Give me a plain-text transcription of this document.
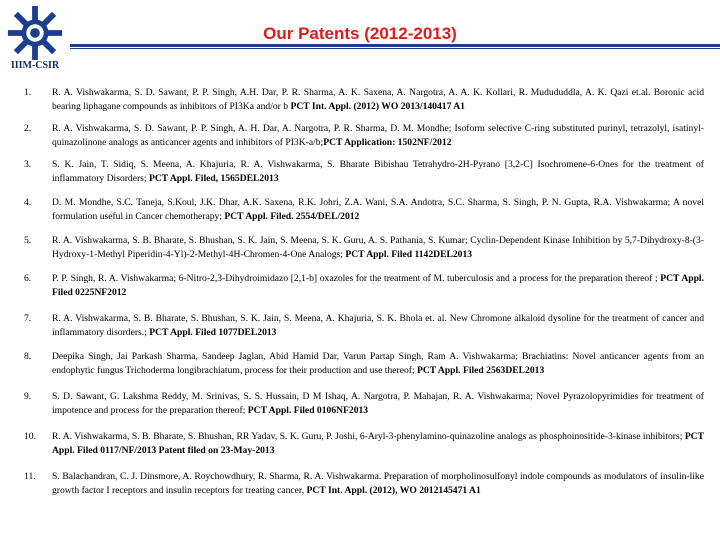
IIIM-CSIR
Our Patents (2012-2013)
1.	R. A. Vishwakarma, S. D. Sawant, P. P. Singh, A.H. Dar, P. R. Sharma, A. K. Saxena, A. Nargotra, A. A. K. Kollari, R. Mudududdla, A. K. Qazi et.al. Boronic acid bearing liphagane compounds as inhibitors of PI3Ka and/or b PCT Int. Appl. (2012) WO 2013/140417 A1
2.	R. A. Vishwakarma, S. D. Sawant, P. P. Singh, A. H. Dar, A. Nargotra, P. R. Sharma, D. M. Mondhe; Isoform selective C-ring substituted purinyl, tetrazolyl, isatinyl-quinazolinone analogs as anticancer agents and inhibitors of PI3K-a/b;PCT Application: 1502NF/2012
3.	S. K. Jain, T. Sidiq, S. Meena, A. Khajuria, R. A. Vishwakarma, S. Bharate Bibishau Tetrahydro-2H-Pyrano [3,2-C] Isochromene-6-Ones for the treatment of inflammatory Disorders; PCT Appl. Filed, 1565DEL2013
4.	D. M. Mondhe, S.C. Taneja, S.Koul, J.K. Dhar, A.K. Saxena, R.K. Johri, Z.A. Wani, S.A. Andotra, S.C. Sharma, S. Singh, P. N. Gupta, R.A. Vishwakarma; A novel formulation useful in Cancer chemotherapy; PCT Appl. Filed. 2554/DEL/2012
5.	R. A. Vishwakarma, S. B. Bharate, S. Bhushan, S. K. Jain, S. Meena, S. K. Guru, A. S. Pathania, S. Kumar; Cyclin-Dependent Kinase Inhibition by 5,7-Dihydroxy-8-(3-Hydroxy-1-Methyl Piperidin-4-Yl)-2-Methyl-4H-Chromen-4-One Analogs; PCT Appl. Filed 1142DEL2013
6.	P. P. Singh, R. A. Vishwakarma; 6-Nitro-2,3-Dihydroimidazo [2,1-b] oxazoles for the treatment of M. tuberculosis and a process for the preparation thereof ; PCT Appl. Filed 0225NF2012
7.	R. A. Vishwakarma, S. B. Bharate, S. Bhushan, S. K. Jain, S. Meena, A. Khajuria, S. K. Bhola et. al. New Chromone alkaloid dysoline for the treatment of cancer and inflammatory disorders.; PCT Appl. Filed 1077DEL2013
8.	Deepika Singh, Jai Parkash Sharma, Sandeep Jaglan, Abid Hamid Dar, Varun Partap Singh, Ram A. Vishwakarma; Brachiatins: Novel anticancer agents from an endophytic fungus Trichoderma longibrachiatum, process for their production and use thereof; PCT Appl. Filed 2563DEL2013
9.	S. D. Sawant, G. Lakshma Reddy, M. Srinivas, S. S. Hussain, D M Ishaq, A. Nargotra, P. Mahajan, R. A. Vishwakarma; Novel Pyrazolopyrimidies for treatment of impotence and process for the preparation thereof; PCT Appl. Filed 0106NF2013
10.	R. A. Vishwakarma, S. B. Bharate, S. Bhushan, RR Yadav, S. K. Guru, P. Joshi, 6-Aryl-3-phenylamino-quinazoline analogs as phosphoinositide-3-kinase inhibitors; PCT Appl. Filed 0117/NF/2013 Patent filed on 23-May-2013
11.	S. Balachandran, C. J. Dinsmore, A. Roychowdhury, R. Sharma, R. A. Vishwakarma. Preparation of morpholinosulfonyl indole compounds as modulators of insulin-like growth factor I receptors and insulin receptors for treating cancer, PCT Int. Appl. (2012), WO 2012145471 A1
